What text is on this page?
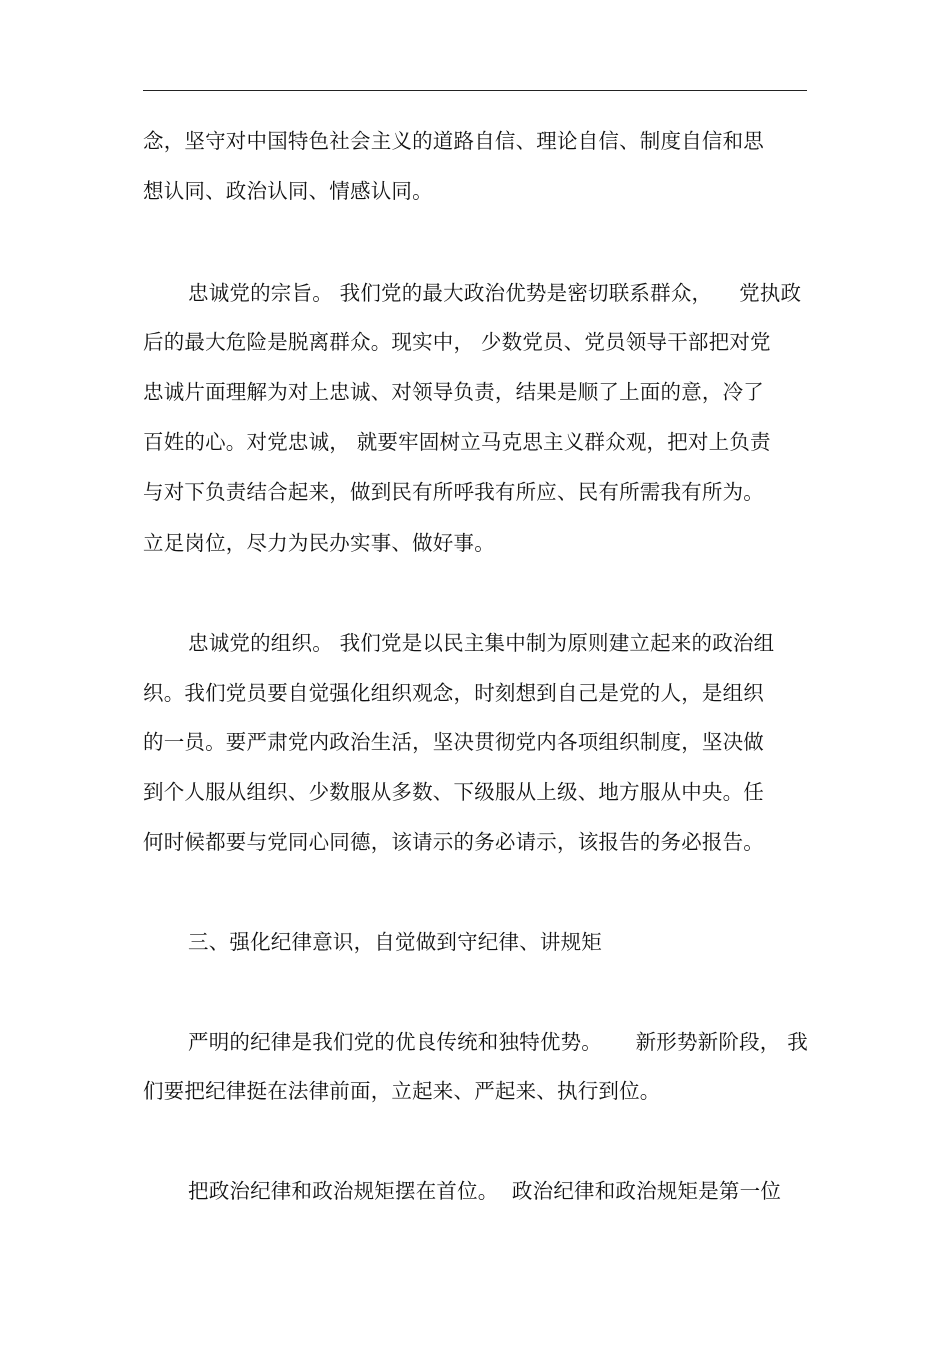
念，坚守对中国特色社会主义的道路自信、理论自信、制度自信和思
想认同、政治认同、情感认同。
忠诚党的宗旨。 我们党的最大政治优势是密切联系群众，    党执政
后的最大危险是脱离群众。现实中， 少数党员、党员领导干部把对党
忠诚片面理解为对上忠诚、对领导负责，结果是顺了上面的意，冷了
百姓的心。对党忠诚， 就要牢固树立马克思主义群众观，把对上负责
与对下负责结合起来，做到民有所呼我有所应、民有所需我有所为。
立足岗位，尽力为民办实事、做好事。
忠诚党的组织。 我们党是以民主集中制为原则建立起来的政治组
织。我们党员要自觉强化组织观念，时刻想到自己是党的人，是组织
的一员。要严肃党内政治生活，坚决贯彻党内各项组织制度，坚决做
到个人服从组织、少数服从多数、下级服从上级、地方服从中央。任
何时候都要与党同心同德，该请示的务必请示，该报告的务必报告。
三、强化纪律意识，自觉做到守纪律、讲规矩
严明的纪律是我们党的优良传统和独特优势。     新形势新阶段， 我
们要把纪律挺在法律前面，立起来、严起来、执行到位。
把政治纪律和政治规矩摆在首位。  政治纪律和政治规矩是第一位
